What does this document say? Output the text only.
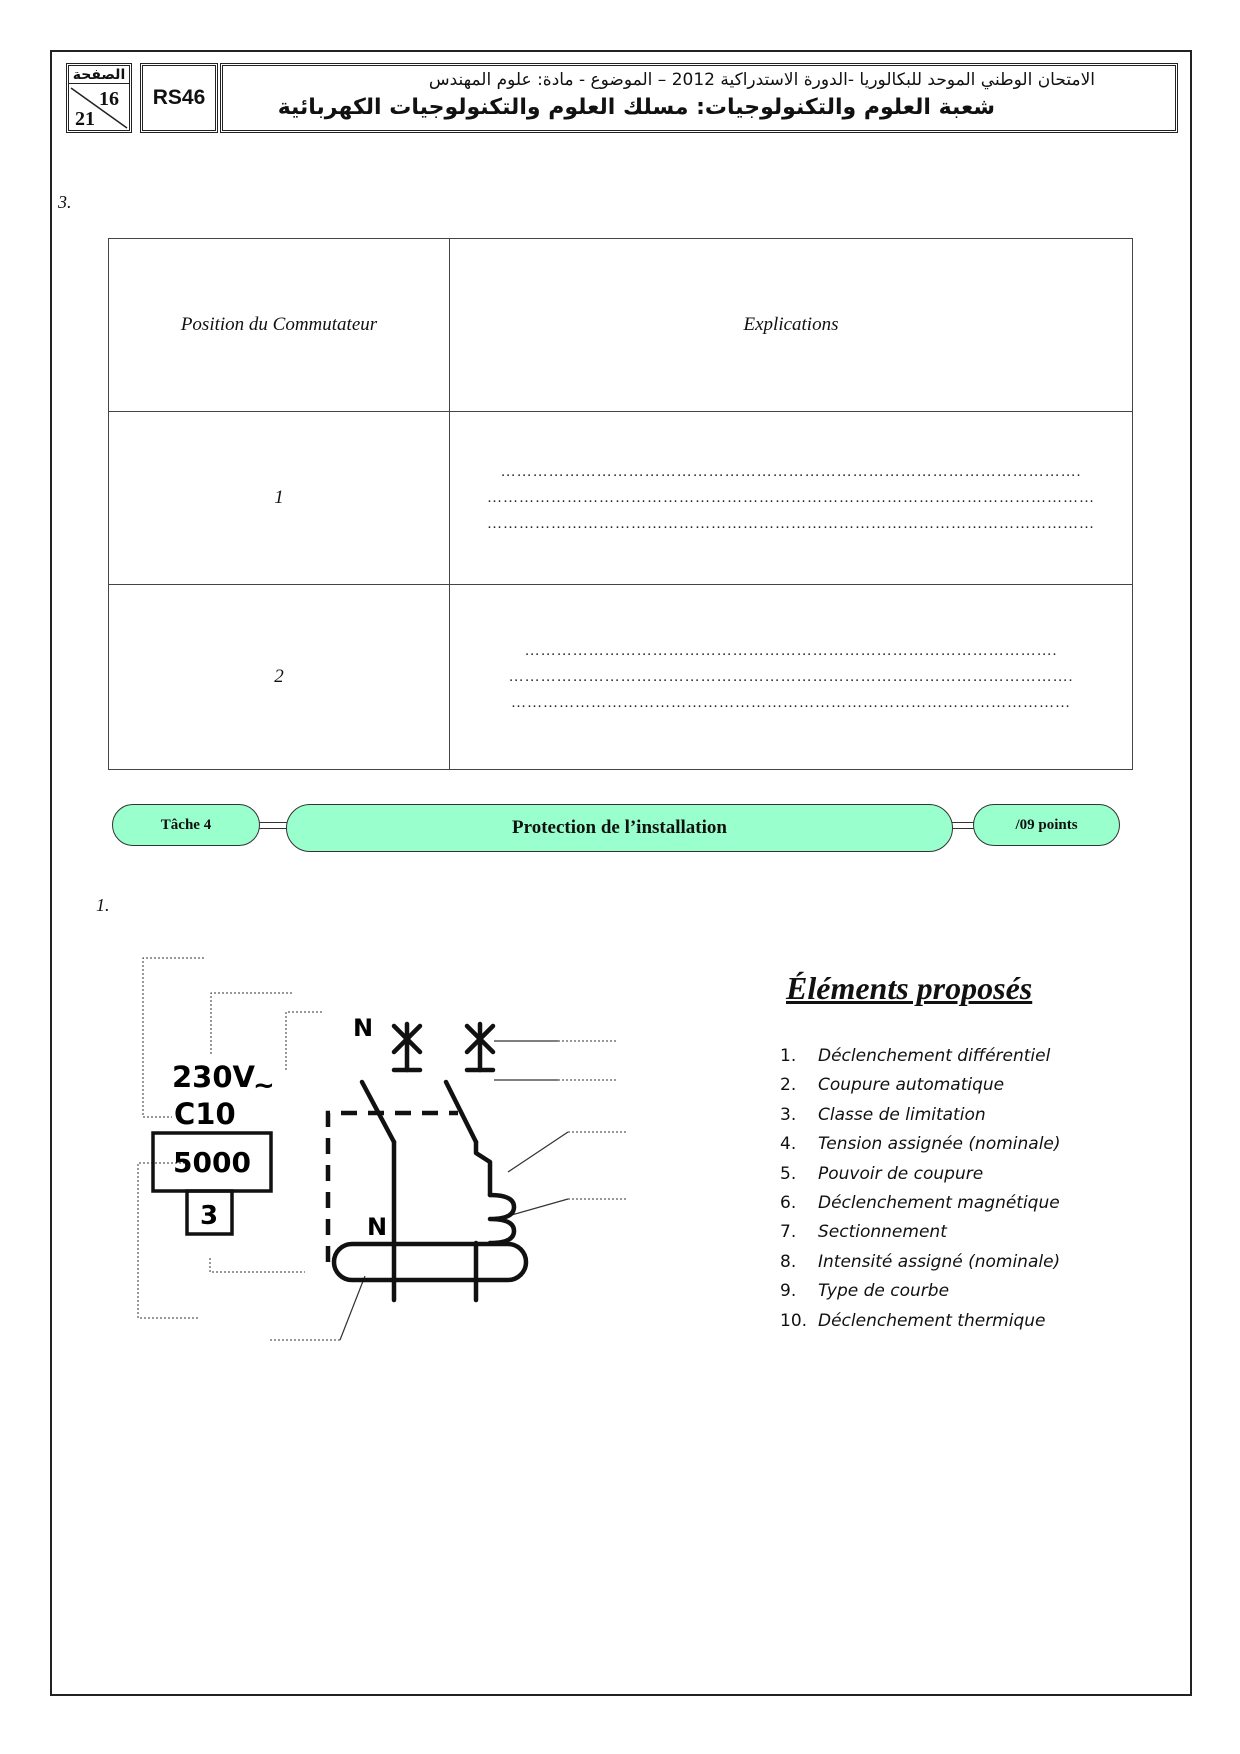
الصفحة
16
21
RS46
الامتحان الوطني الموحد للبكالوريا -الدورة الاستدراكية 2012 – الموضوع - مادة: علوم المهندس
شعبة العلوم والتكنولوجيات: مسلك العلوم والتكنولوجيات الكهربائية
3.
Position du Commutateur	Explications
1	……………………………………………………………………………………………….
……………………………………………………………………………………………………
……………………………………………………………………………………………………

2	……………………………………………………………………………………….
…………………………………………………………………………………………….
……………………………………………………………………………………………
Tâche 4	Protection de l’installation	/09 points
1.
230V
~
C10
5000
3
N
N
Éléments proposés
1.	Déclenchement différentiel
2.	Coupure automatique
3.	Classe de limitation
4.	Tension assignée (nominale)
5.	Pouvoir de coupure
6.	Déclenchement magnétique
7.	Sectionnement
8.	Intensité assigné (nominale)
9.	Type de courbe
10. Déclenchement thermique
